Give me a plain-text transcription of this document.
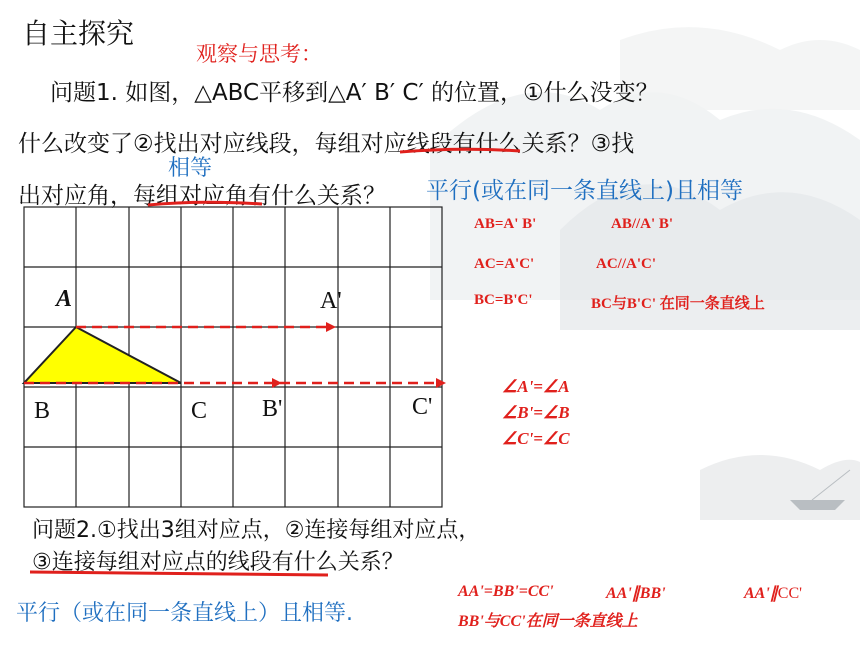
自主探究
观察与思考：
问题1. 如图，△ABC平移到△A′ B′ C′ 的位置，①什么没变？
什么改变了②找出对应线段，每组对应线段有什么关系？③找
出对应角，每组对应角有什么关系？
相等
平行(或在同一条直线上)且相等
AB=A' B'	AB//A' B'
AC=A'C'	AC//A'C'
BC=B'C'	BC与B'C' 在同一条直线上
∠A'=∠A
∠B'=∠B
∠C'=∠C
A	A'
B	C B'	C'
问题2.①找出3组对应点，②连接每组对应点，
③连接每组对应点的线段有什么关系？
平行（或在同一条直线上）且相等.
AA'=BB'=CC'	AA'∥BB'	AA'∥CC'
BB'与CC'在同一条直线上
